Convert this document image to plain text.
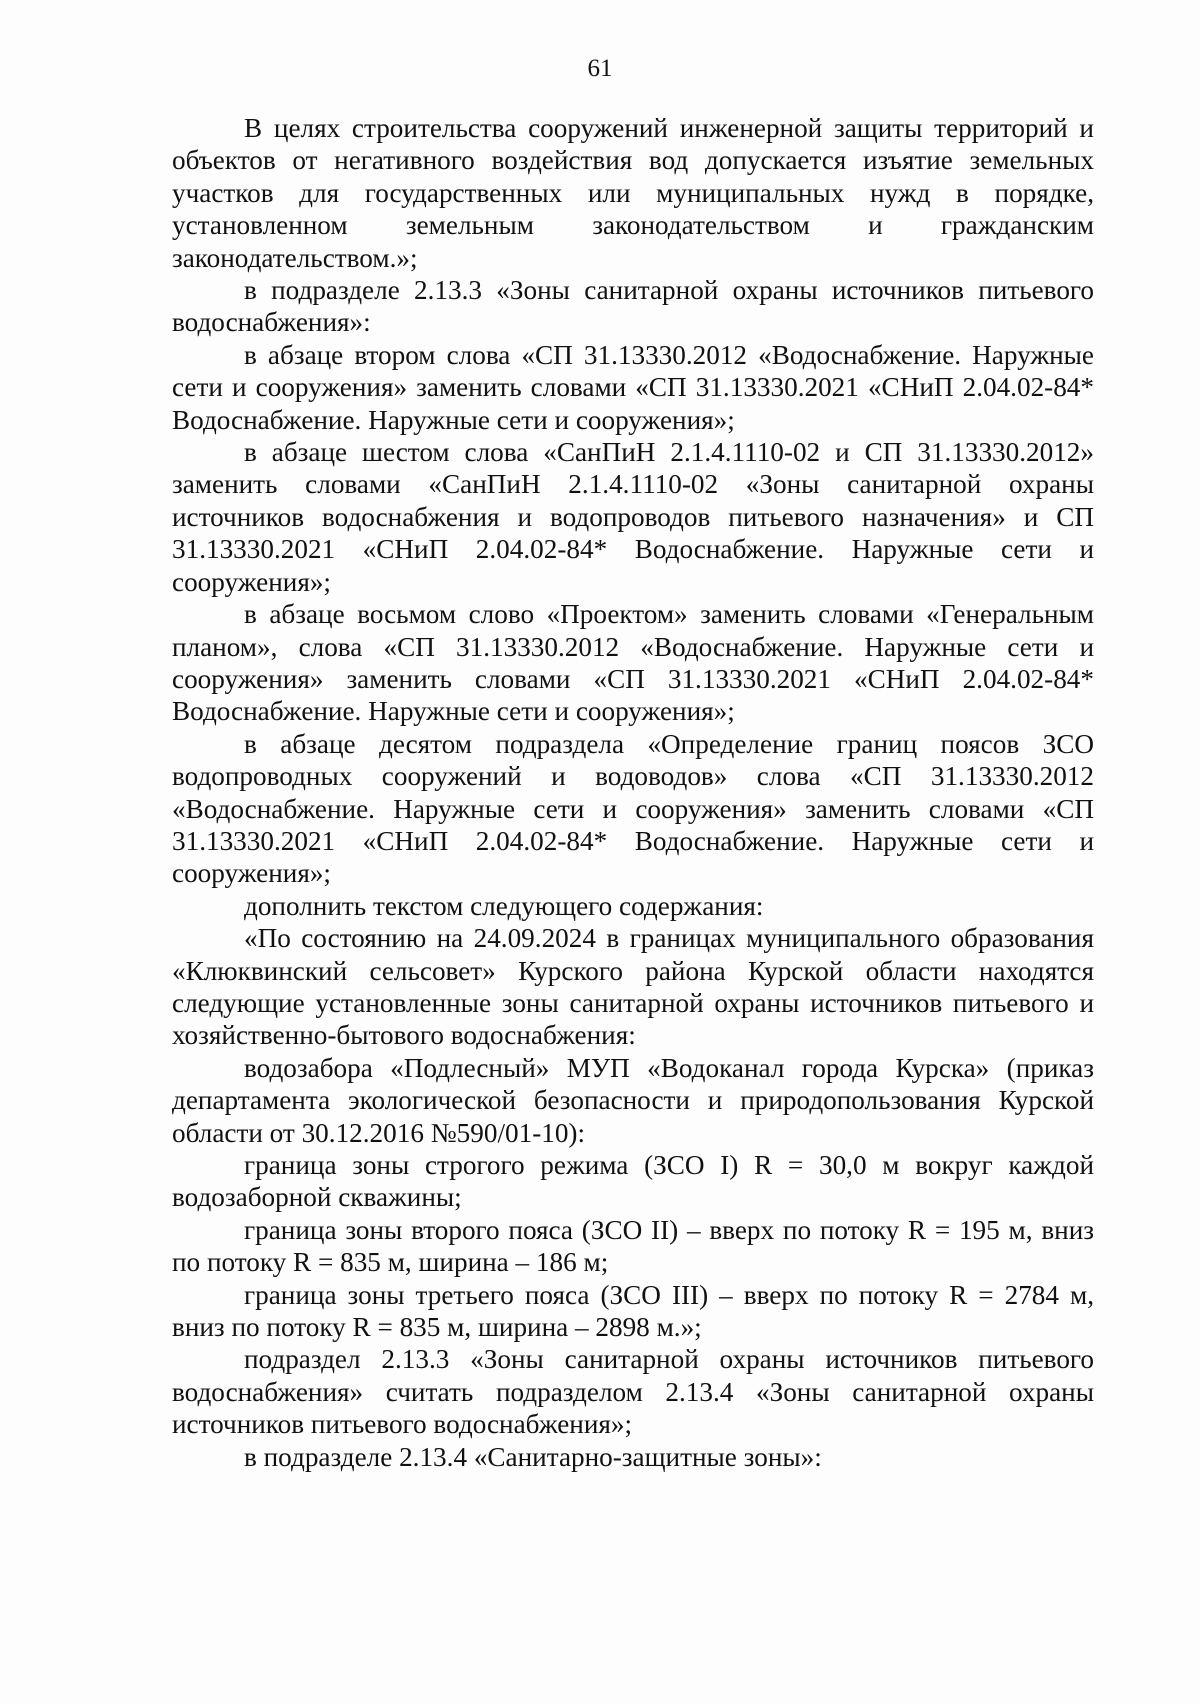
61

В целях строительства сооружений инженерной защиты территорий и объектов от негативного воздействия вод допускается изъятие земельных участков для государственных или муниципальных нужд в порядке, установленном земельным законодательством и гражданским законодательством.»;

в подразделе 2.13.3 «Зоны санитарной охраны источников питьевого водоснабжения»:

в абзаце втором слова «СП 31.13330.2012 «Водоснабжение. Наружные сети и сооружения» заменить словами «СП 31.13330.2021 «СНиП 2.04.02-84* Водоснабжение. Наружные сети и сооружения»;

в абзаце шестом слова «СанПиН 2.1.4.1110-02 и СП 31.13330.2012» заменить словами «СанПиН 2.1.4.1110-02 «Зоны санитарной охраны источников водоснабжения и водопроводов питьевого назначения» и СП 31.13330.2021 «СНиП 2.04.02-84* Водоснабжение. Наружные сети и сооружения»;

в абзаце восьмом слово «Проектом» заменить словами «Генеральным планом», слова «СП 31.13330.2012 «Водоснабжение. Наружные сети и сооружения» заменить словами «СП 31.13330.2021 «СНиП 2.04.02-84* Водоснабжение. Наружные сети и сооружения»;

в абзаце десятом подраздела «Определение границ поясов ЗСО водопроводных сооружений и водоводов» слова «СП 31.13330.2012 «Водоснабжение. Наружные сети и сооружения» заменить словами «СП 31.13330.2021 «СНиП 2.04.02-84* Водоснабжение. Наружные сети и сооружения»;

дополнить текстом следующего содержания:

«По состоянию на 24.09.2024 в границах муниципального образования «Клюквинский сельсовет» Курского района Курской области находятся следующие установленные зоны санитарной охраны источников питьевого и хозяйственно-бытового водоснабжения:

водозабора «Подлесный» МУП «Водоканал города Курска» (приказ департамента экологической безопасности и природопользования Курской области от 30.12.2016 №590/01-10):

граница зоны строгого режима (ЗСО I) R = 30,0 м вокруг каждой водозаборной скважины;

граница зоны второго пояса (ЗСО II) – вверх по потоку R = 195 м, вниз по потоку R = 835 м, ширина – 186 м;

граница зоны третьего пояса (ЗСО III) – вверх по потоку R = 2784 м, вниз по потоку R = 835 м, ширина – 2898 м.»;

подраздел 2.13.3 «Зоны санитарной охраны источников питьевого водоснабжения» считать подразделом 2.13.4 «Зоны санитарной охраны источников питьевого водоснабжения»;

в подразделе 2.13.4 «Санитарно-защитные зоны»:
